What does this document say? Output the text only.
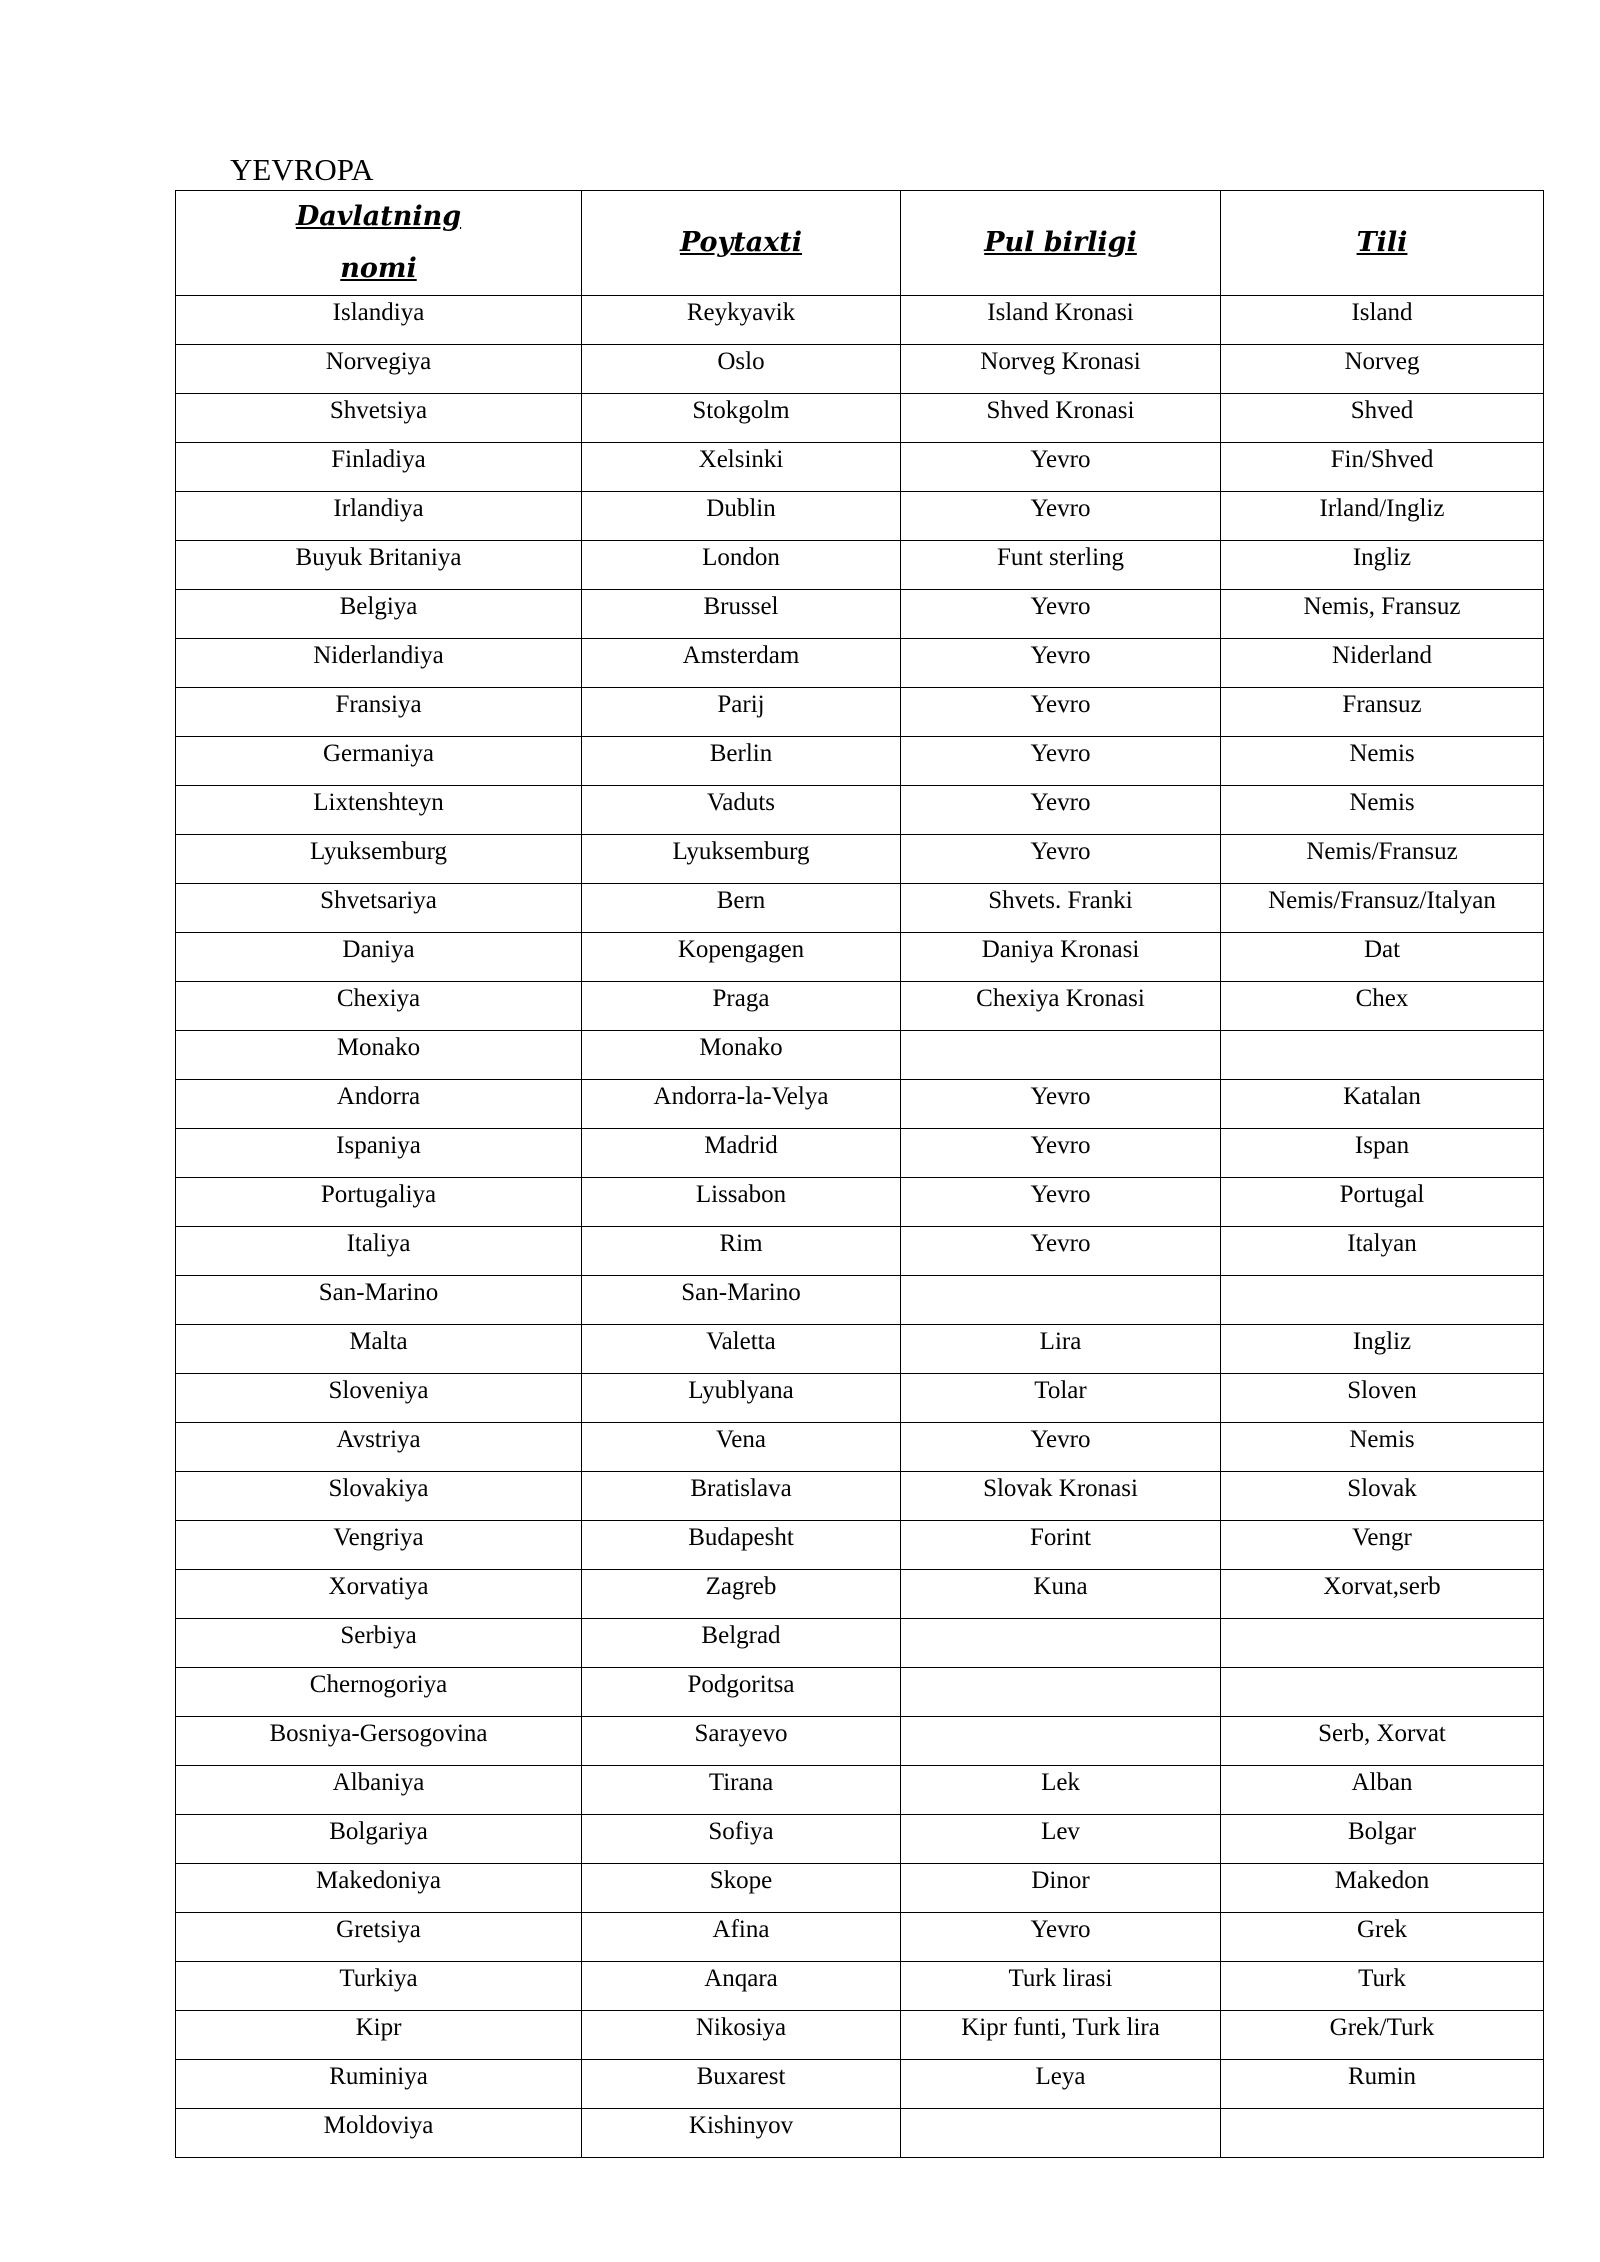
YEVROPA
Davlatning
nomi	Poytaxti	Pul birligi	Tili
Islandiya	Reykyavik	Island Kronasi	Island
Norvegiya	Oslo	Norveg Kronasi	Norveg
Shvetsiya	Stokgolm	Shved Kronasi	Shved
Finladiya	Xelsinki	Yevro	Fin/Shved
Irlandiya	Dublin	Yevro	Irland/Ingliz
Buyuk Britaniya	London	Funt sterling	Ingliz
Belgiya	Brussel	Yevro	Nemis, Fransuz
Niderlandiya	Amsterdam	Yevro	Niderland
Fransiya	Parij	Yevro	Fransuz
Germaniya	Berlin	Yevro	Nemis
Lixtenshteyn	Vaduts	Yevro	Nemis
Lyuksemburg	Lyuksemburg	Yevro	Nemis/Fransuz
Shvetsariya	Bern	Shvets. Franki	Nemis/Fransuz/Italyan
Daniya	Kopengagen	Daniya Kronasi	Dat
Chexiya	Praga	Chexiya Kronasi	Chex
Monako	Monako		
Andorra	Andorra-la-Velya	Yevro	Katalan
Ispaniya	Madrid	Yevro	Ispan
Portugaliya	Lissabon	Yevro	Portugal
Italiya	Rim	Yevro	Italyan
San-Marino	San-Marino		
Malta	Valetta	Lira	Ingliz
Sloveniya	Lyublyana	Tolar	Sloven
Avstriya	Vena	Yevro	Nemis
Slovakiya	Bratislava	Slovak Kronasi	Slovak
Vengriya	Budapesht	Forint	Vengr
Xorvatiya	Zagreb	Kuna	Xorvat,serb
Serbiya	Belgrad		
Chernogoriya	Podgoritsa		
Bosniya-Gersogovina	Sarayevo		Serb, Xorvat
Albaniya	Tirana	Lek	Alban
Bolgariya	Sofiya	Lev	Bolgar
Makedoniya	Skope	Dinor	Makedon
Gretsiya	Afina	Yevro	Grek
Turkiya	Anqara	Turk lirasi	Turk
Kipr	Nikosiya	Kipr funti, Turk lira	Grek/Turk
Ruminiya	Buxarest	Leya	Rumin
Moldoviya	Kishinyov		
